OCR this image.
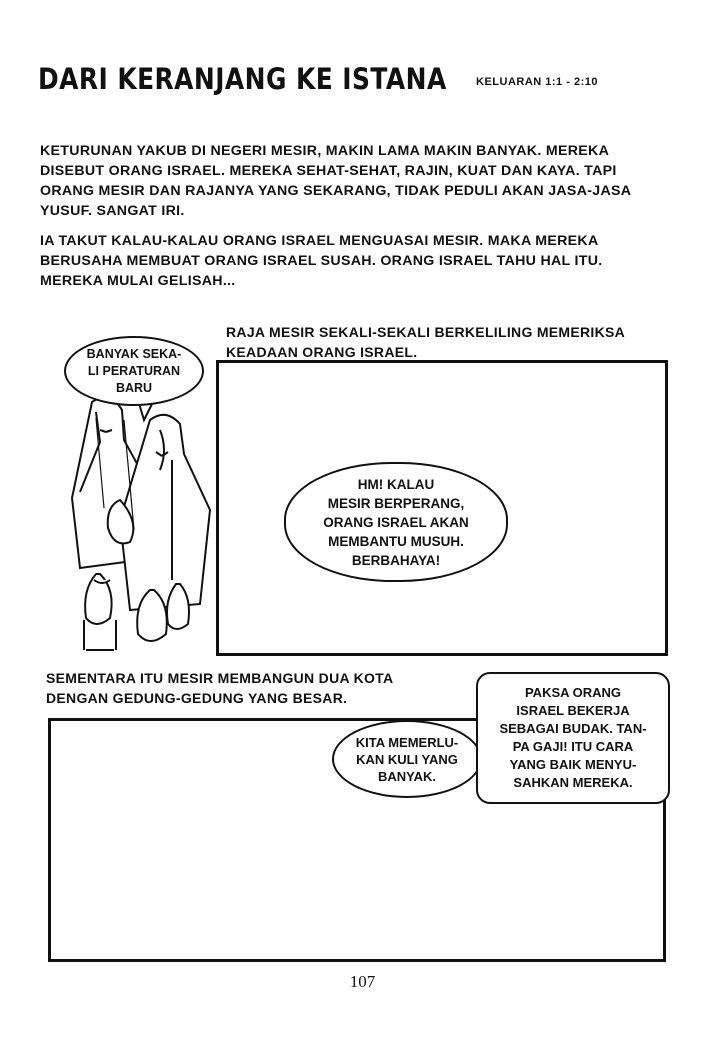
DARI KERANJANG KE ISTANA	KELUARAN 1:1 - 2:10
KETURUNAN YAKUB DI NEGERI MESIR, MAKIN LAMA MAKIN BANYAK. MEREKA DISEBUT ORANG ISRAEL. MEREKA SEHAT-SEHAT, RAJIN, KUAT DAN KAYA. TAPI ORANG MESIR DAN RAJANYA YANG SEKARANG, TIDAK PEDULI AKAN JASA-JASA YUSUF. SANGAT IRI.
IA TAKUT KALAU-KALAU ORANG ISRAEL MENGUASAI MESIR. MAKA MEREKA BERUSAHA MEMBUAT ORANG ISRAEL SUSAH. ORANG ISRAEL TAHU HAL ITU. MEREKA MULAI GELISAH...
RAJA MESIR SEKALI-SEKALI BERKELILING MEMERIKSA KEADAAN ORANG ISRAEL.
BANYAK SEKA-
LI PERATURAN
BARU
HM! KALAU
MESIR BERPERANG,
ORANG ISRAEL AKAN
MEMBANTU MUSUH.
BERBAHAYA!
SEMENTARA ITU MESIR MEMBANGUN DUA KOTA DENGAN GEDUNG-GEDUNG YANG BESAR.
KITA MEMERLU-
KAN KULI YANG
BANYAK.
PAKSA ORANG
ISRAEL BEKERJA
SEBAGAI BUDAK. TAN-
PA GAJI! ITU CARA
YANG BAIK MENYU-
SAHKAN MEREKA.
107
